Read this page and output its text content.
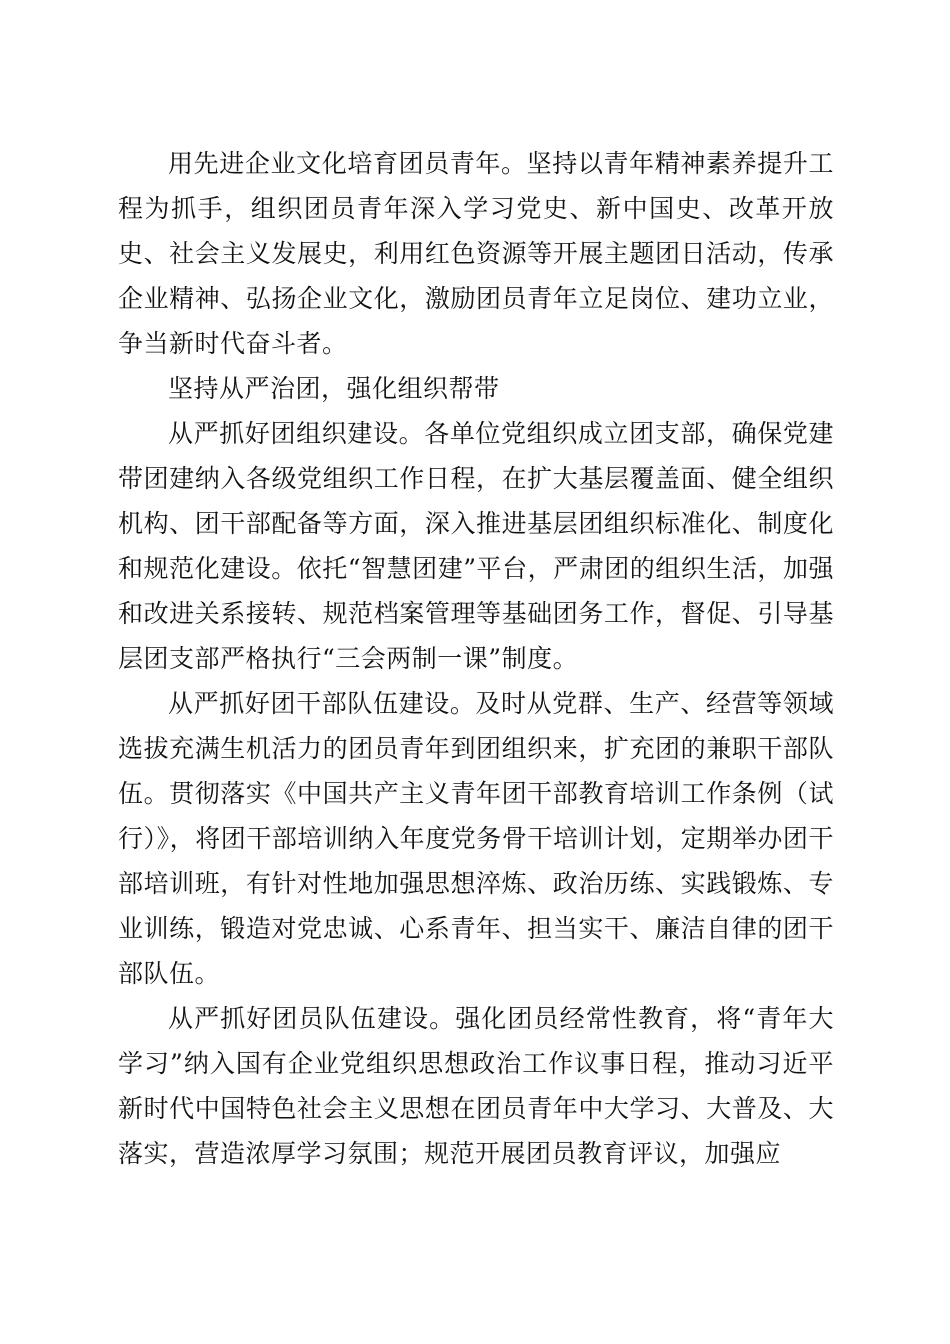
用先进企业文化培育团员青年。坚持以青年精神素养提升工程为抓手，组织团员青年深入学习党史、新中国史、改革开放史、社会主义发展史，利用红色资源等开展主题团日活动，传承企业精神、弘扬企业文化，激励团员青年立足岗位、建功立业，争当新时代奋斗者。

坚持从严治团，强化组织帮带

从严抓好团组织建设。各单位党组织成立团支部，确保党建带团建纳入各级党组织工作日程，在扩大基层覆盖面、健全组织机构、团干部配备等方面，深入推进基层团组织标准化、制度化和规范化建设。依托“智慧团建”平台，严肃团的组织生活，加强和改进关系接转、规范档案管理等基础团务工作，督促、引导基层团支部严格执行“三会两制一课”制度。

从严抓好团干部队伍建设。及时从党群、生产、经营等领域选拔充满生机活力的团员青年到团组织来，扩充团的兼职干部队伍。贯彻落实《中国共产主义青年团干部教育培训工作条例（试行）》，将团干部培训纳入年度党务骨干培训计划，定期举办团干部培训班，有针对性地加强思想淬炼、政治历练、实践锻炼、专业训练，锻造对党忠诚、心系青年、担当实干、廉洁自律的团干部队伍。

从严抓好团员队伍建设。强化团员经常性教育，将“青年大学习”纳入国有企业党组织思想政治工作议事日程，推动习近平新时代中国特色社会主义思想在团员青年中大学习、大普及、大落实，营造浓厚学习氛围；规范开展团员教育评议，加强应
